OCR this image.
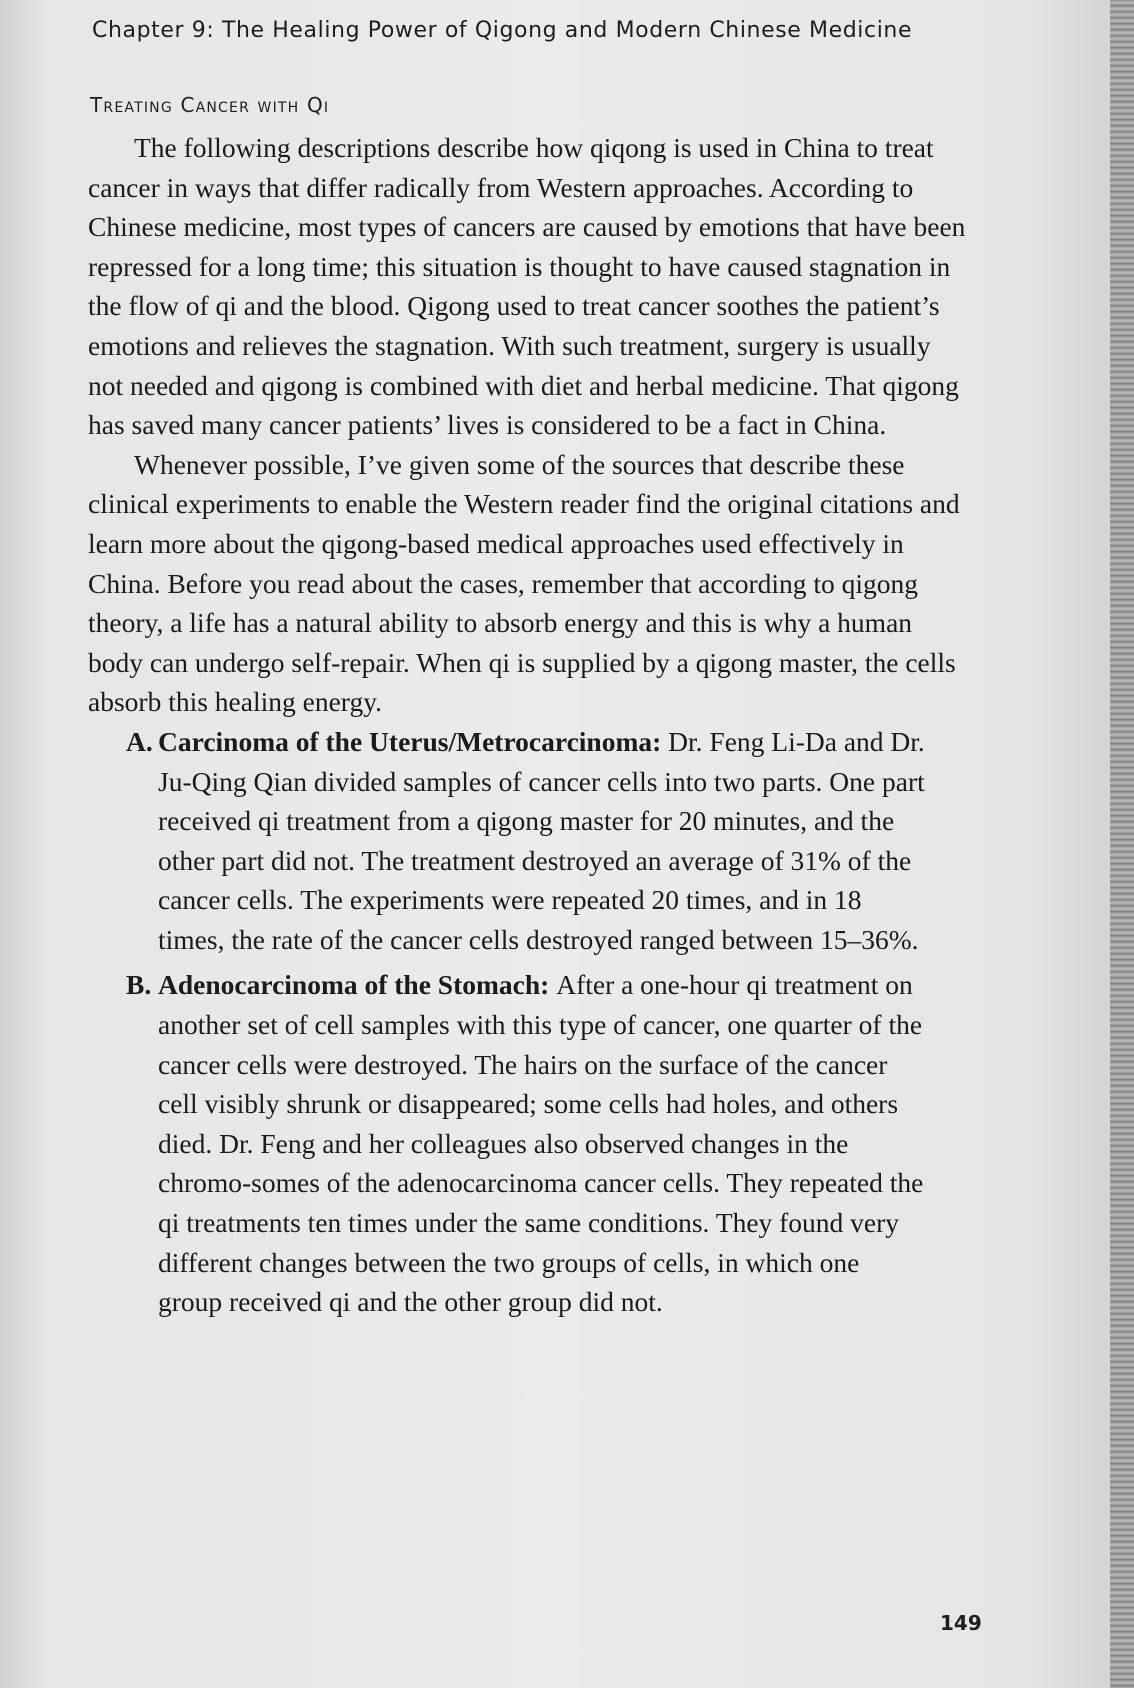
Chapter 9: The Healing Power of Qigong and Modern Chinese Medicine
Treating Cancer with Qi

The following descriptions describe how qiqong is used in China to treat cancer in ways that differ radically from Western approaches. According to Chinese medicine, most types of cancers are caused by emotions that have been repressed for a long time; this situation is thought to have caused stagnation in the flow of qi and the blood. Qigong used to treat cancer soothes the patient’s emotions and relieves the stagnation. With such treatment, surgery is usually not needed and qigong is combined with diet and herbal medicine. That qigong has saved many cancer patients’ lives is considered to be a fact in China.

Whenever possible, I’ve given some of the sources that describe these clinical experiments to enable the Western reader find the original citations and learn more about the qigong-based medical approaches used effectively in China. Before you read about the cases, remember that according to qigong theory, a life has a natural ability to absorb energy and this is why a human body can undergo self-repair. When qi is supplied by a qigong master, the cells absorb this healing energy.

A. Carcinoma of the Uterus/Metrocarcinoma: Dr. Feng Li-Da and Dr. Ju-Qing Qian divided samples of cancer cells into two parts. One part received qi treatment from a qigong master for 20 minutes, and the other part did not. The treatment destroyed an average of 31% of the cancer cells. The experiments were repeated 20 times, and in 18 times, the rate of the cancer cells destroyed ranged between 15–36%.
B. Adenocarcinoma of the Stomach: After a one-hour qi treatment on another set of cell samples with this type of cancer, one quarter of the cancer cells were destroyed. The hairs on the surface of the cancer cell visibly shrunk or disappeared; some cells had holes, and others died. Dr. Feng and her colleagues also observed changes in the chromo-somes of the adenocarcinoma cancer cells. They repeated the qi treatments ten times under the same conditions. They found very different changes between the two groups of cells, in which one group received qi and the other group did not.
149
